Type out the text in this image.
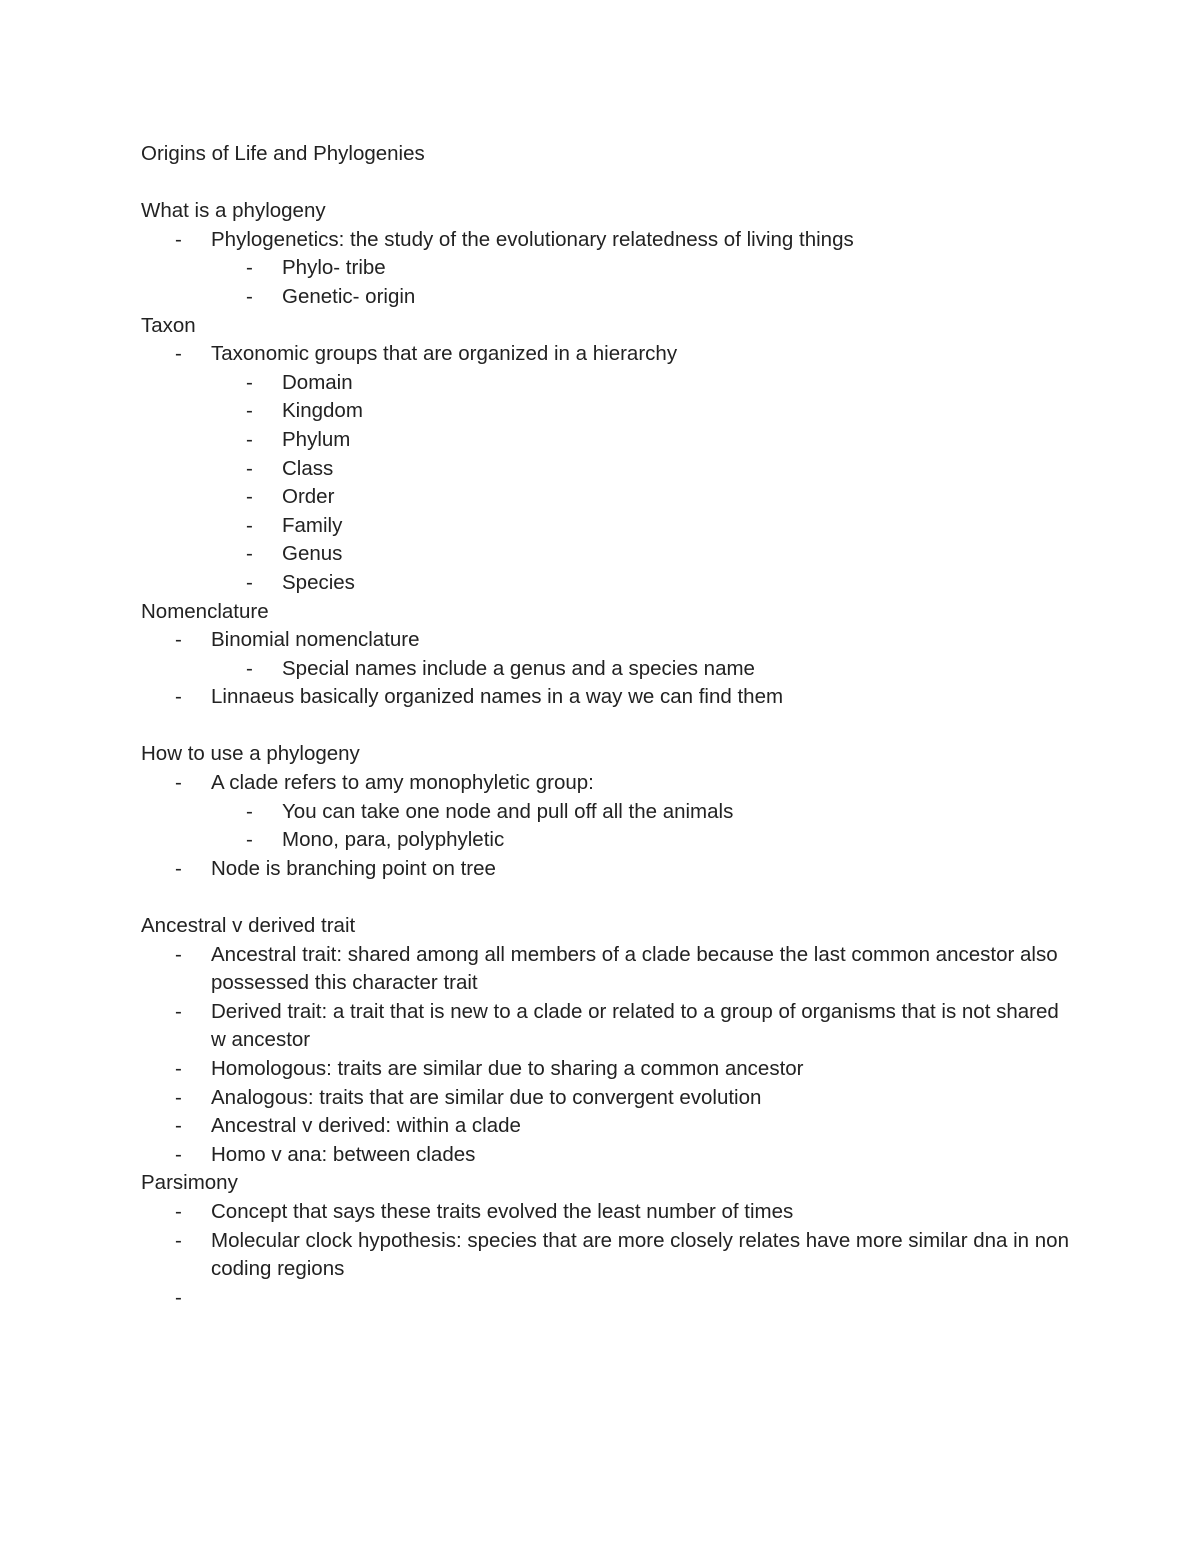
Origins of Life and Phylogenies
What is a phylogeny
- Phylogenetics: the study of the evolutionary relatedness of living things
- Phylo- tribe
- Genetic- origin
Taxon
- Taxonomic groups that are organized in a hierarchy
- Domain
- Kingdom
- Phylum
- Class
- Order
- Family
- Genus
- Species
Nomenclature
- Binomial nomenclature
- Special names include a genus and a species name
- Linnaeus basically organized names in a way we can find them
How to use a phylogeny
- A clade refers to amy monophyletic group:
- You can take one node and pull off all the animals
- Mono, para, polyphyletic
- Node is branching point on tree
Ancestral v derived trait
- Ancestral trait: shared among all members of a clade because the last common ancestor also possessed this character trait
- Derived trait: a trait that is new to a clade or related to a group of organisms that is not shared w ancestor
- Homologous: traits are similar due to sharing a common ancestor
- Analogous: traits that are similar due to convergent evolution
- Ancestral v derived: within a clade
- Homo v ana: between clades
Parsimony
- Concept that says these traits evolved the least number of times
- Molecular clock hypothesis: species that are more closely relates have more similar dna in non coding regions
-
